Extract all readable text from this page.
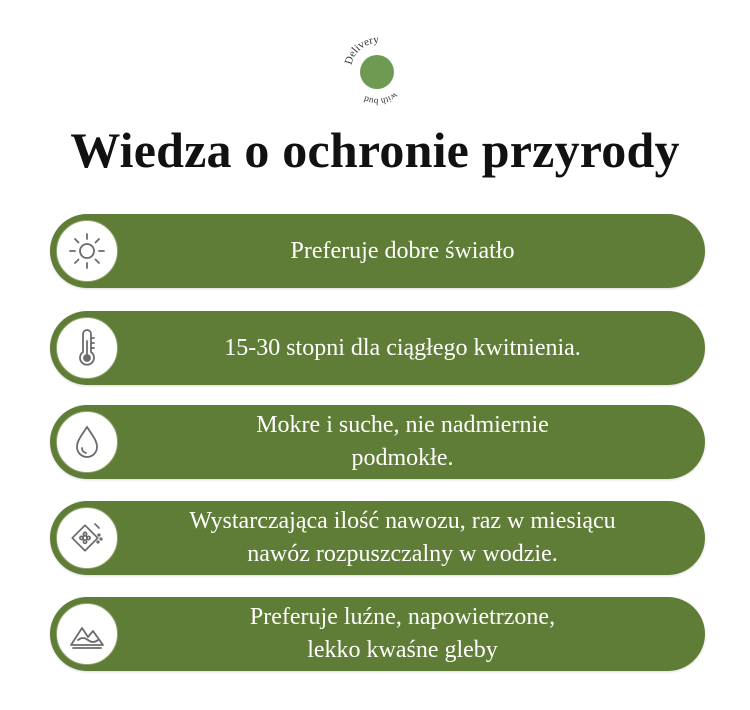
Delivery
with bud
Wiedza o ochronie przyrody
Preferuje dobre światło
15-30 stopni dla ciągłego kwitnienia.
Mokre i suche, nie nadmiernie
podmokłe.
Wystarczająca ilość nawozu, raz w miesiącu
nawóz rozpuszczalny w wodzie.
Preferuje luźne, napowietrzone,
lekko kwaśne gleby
